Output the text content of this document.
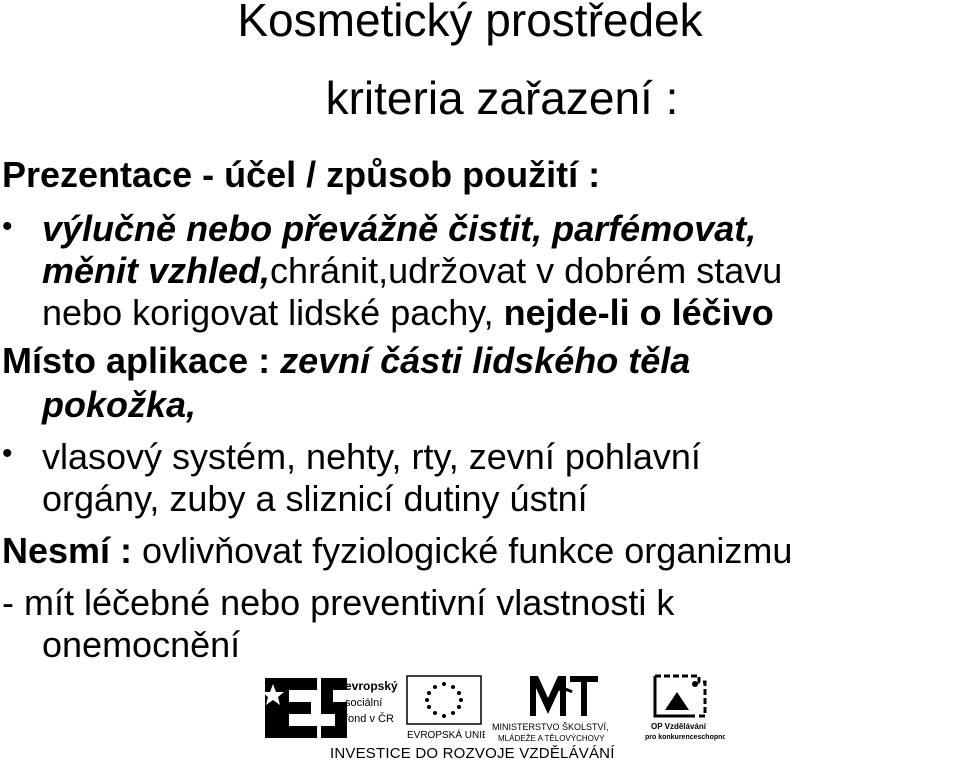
Kosmetický prostředek
kriteria zařazení :
Prezentace - účel / způsob použití :
• výlučně nebo převážně čistit, parfémovat,
měnit vzhled,chránit,udržovat v dobrém stavu
nebo korigovat lidské pachy, nejde-li o léčivo
Místo aplikace : zevní části lidského těla
pokožka,
• vlasový systém, nehty, rty, zevní pohlavní
orgány, zuby a sliznicí dutiny ústní
Nesmí : ovlivňovat fyziologické funkce organizmu
- mít léčebné nebo preventivní vlastnosti k
onemocnění
evropský
sociální
fond v ČR
EVROPSKÁ UNIE
MINISTERSTVO ŠKOLSTVÍ,
MLÁDEŽE A TĚLOVÝCHOVY
OP Vzdělávání
pro konkurenceschopnost
INVESTICE DO ROZVOJE VZDĚLÁVÁNÍ
